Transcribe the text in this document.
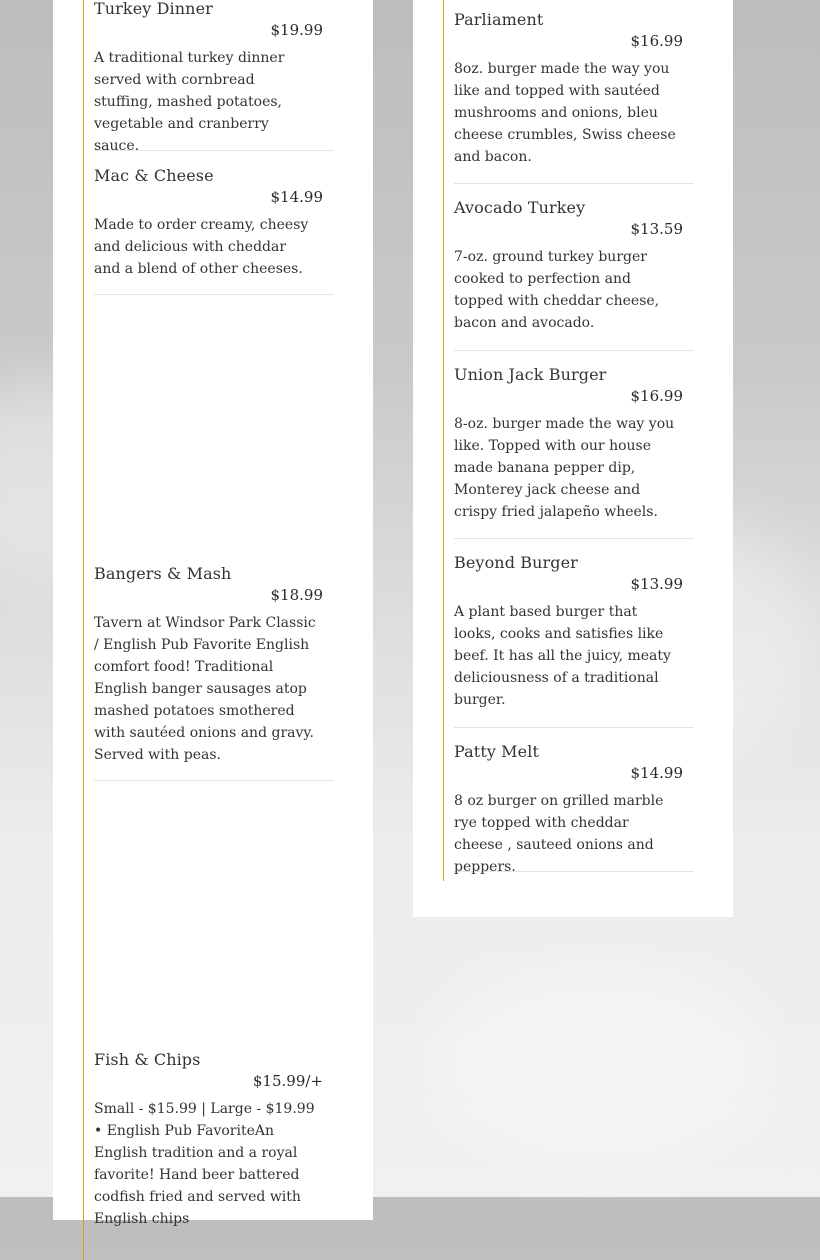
Turkey Dinner
$19.99
A traditional turkey dinner served with cornbread stuffing, mashed potatoes, vegetable and cranberry sauce.
Mac & Cheese
$14.99
Made to order creamy, cheesy and delicious with cheddar and a blend of other cheeses.
Bangers & Mash
$18.99
Tavern at Windsor Park Classic / English Pub Favorite English comfort food! Traditional English banger sausages atop mashed potatoes smothered with sautéed onions and gravy. Served with peas.
Fish & Chips
$15.99/+
Small - $15.99 | Large - $19.99 • English Pub FavoriteAn English tradition and a royal favorite! Hand beer battered codfish fried and served with English chips
Parliament
$16.99
8oz. burger made the way you like and topped with sautéed mushrooms and onions, bleu cheese crumbles, Swiss cheese and bacon.
Avocado Turkey
$13.59
7-oz. ground turkey burger cooked to perfection and topped with cheddar cheese, bacon and avocado.
Union Jack Burger
$16.99
8-oz. burger made the way you like. Topped with our house made banana pepper dip, Monterey jack cheese and crispy fried jalapeño wheels.
Beyond Burger
$13.99
A plant based burger that looks, cooks and satisfies like beef. It has all the juicy, meaty deliciousness of a traditional burger.
Patty Melt
$14.99
8 oz burger on grilled marble rye topped with cheddar cheese , sauteed onions and peppers.
